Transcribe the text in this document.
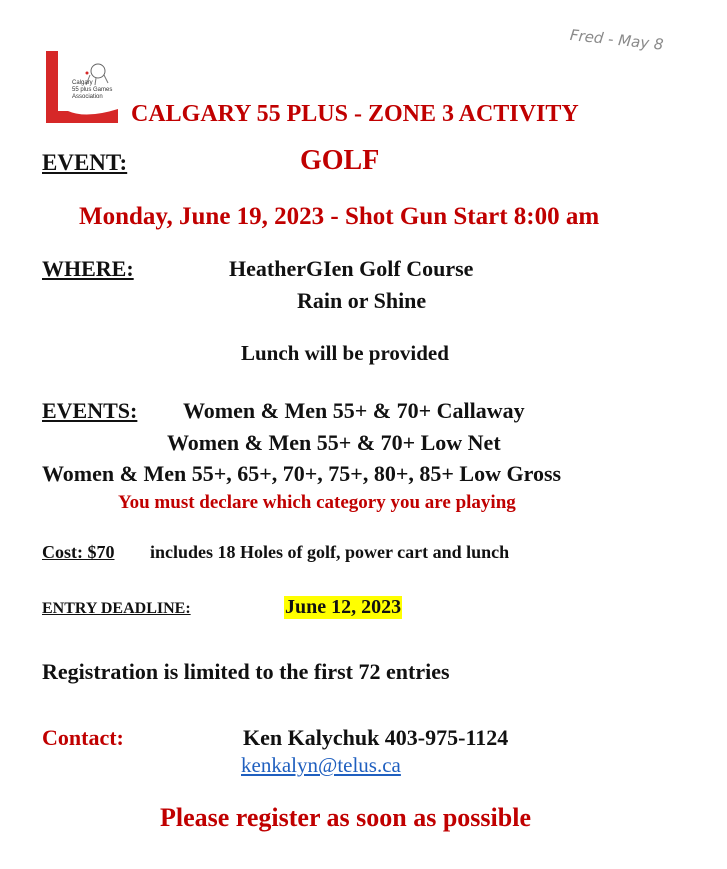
Fred - May 8
Calgary
55 plus Games
Association
CALGARY 55 PLUS - ZONE 3 ACTIVITY
EVENT:	GOLF
Monday, June 19, 2023 - Shot Gun Start 8:00 am
WHERE:	HeatherGIen Golf Course
Rain or Shine
Lunch will be provided
EVENTS: Women & Men 55+ & 70+ Callaway
Women & Men 55+ & 70+ Low Net
Women & Men 55+, 65+, 70+, 75+, 80+, 85+ Low Gross
You must declare which category you are playing
Cost: $70 includes 18 Holes of golf, power cart and lunch
ENTRY DEADLINE:	June 12, 2023
Registration is limited to the first 72 entries
Contact:	Ken Kalychuk 403-975-1124
kenkalyn@telus.ca
Please register as soon as possible
